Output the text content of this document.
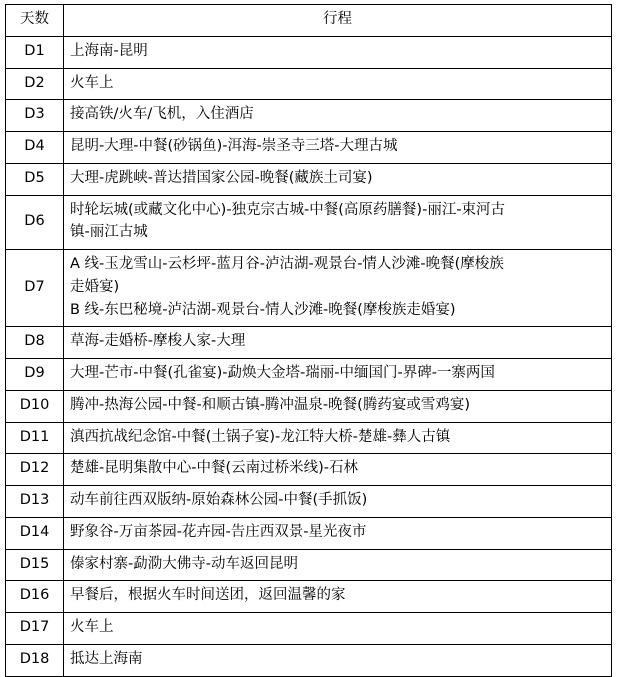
天数	行程
D1	上海南-昆明

D2	火车上

D3	接高铁/火车/飞机，入住酒店

D4	昆明-大理-中餐(砂锅鱼)-洱海-崇圣寺三塔-大理古城

D5	大理-虎跳峡-普达措国家公园-晚餐(藏族土司宴)

D6	时轮坛城(或藏文化中心)-独克宗古城-中餐(高原药膳餐)-丽江-束河古
镇-丽江古城

D7	A 线-玉龙雪山-云杉坪-蓝月谷-泸沽湖-观景台-情人沙滩-晚餐(摩梭族
走婚宴)
B 线-东巴秘境-泸沽湖-观景台-情人沙滩-晚餐(摩梭族走婚宴)

D8	草海-走婚桥-摩梭人家-大理

D9	大理-芒市-中餐(孔雀宴)-勐焕大金塔-瑞丽-中缅国门-界碑-一寨两国

D10	腾冲-热海公园-中餐-和顺古镇-腾冲温泉-晚餐(腾药宴或雪鸡宴)

D11	滇西抗战纪念馆-中餐(土锅子宴)-龙江特大桥-楚雄-彝人古镇

D12	楚雄-昆明集散中心-中餐(云南过桥米线)-石林

D13	动车前往西双版纳-原始森林公园-中餐(手抓饭)

D14	野象谷-万亩茶园-花卉园-告庄西双景-星光夜市

D15	傣家村寨-勐泐大佛寺-动车返回昆明

D16	早餐后，根据火车时间送团，返回温馨的家

D17	火车上

D18	抵达上海南
